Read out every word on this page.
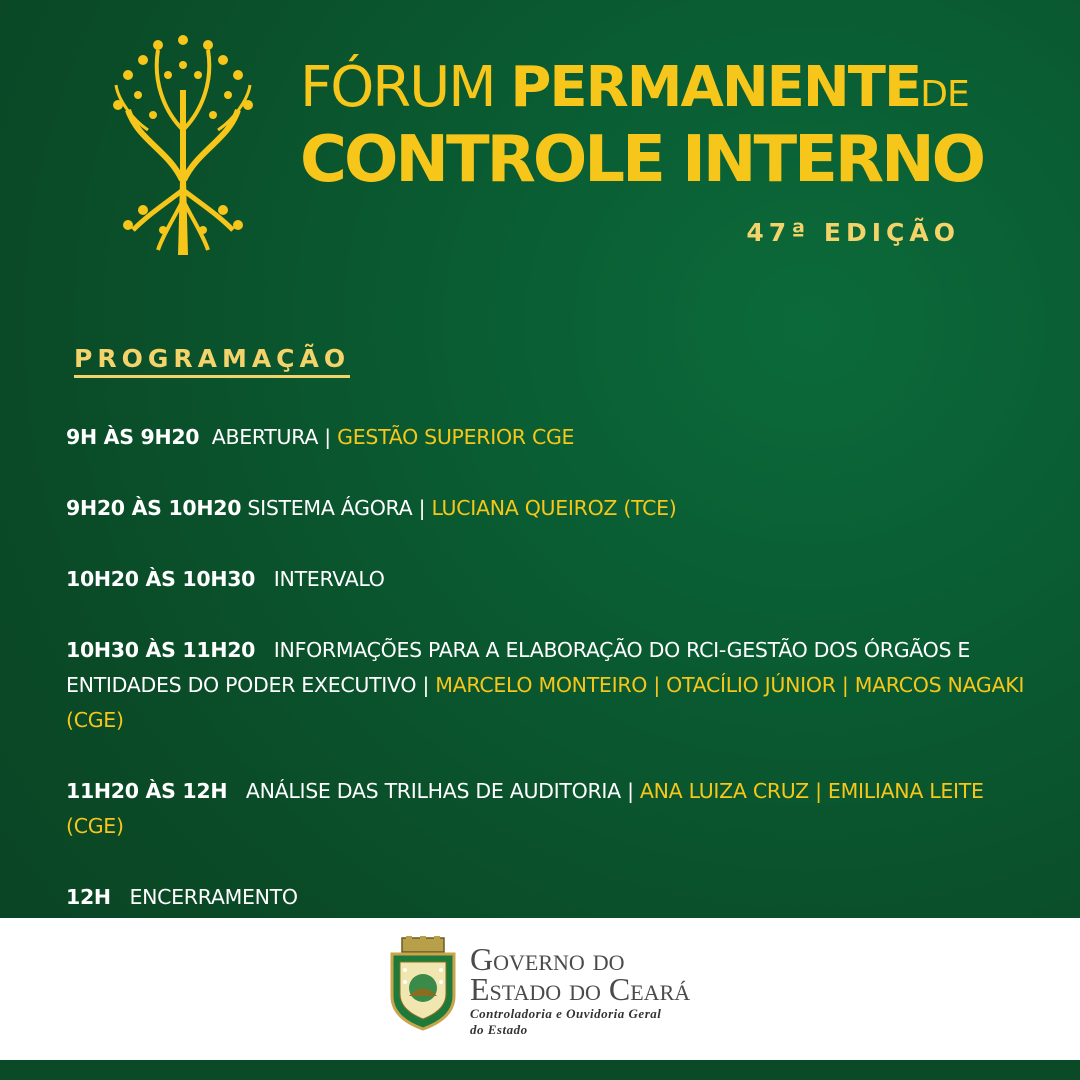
FÓRUM PERMANENTEDE
CONTROLE INTERNO
47ª EDIÇÃO
PROGRAMAÇÃO

9H ÀS 9H20 ABERTURA | GESTÃO SUPERIOR CGE

9H20 ÀS 10H20 SISTEMA ÁGORA | LUCIANA QUEIROZ (TCE)

10H20 ÀS 10H30 INTERVALO

10H30 ÀS 11H20 INFORMAÇÕES PARA A ELABORAÇÃO DO RCI-GESTÃO DOS ÓRGÃOS E ENTIDADES DO PODER EXECUTIVO | MARCELO MONTEIRO | OTACÍLIO JÚNIOR | MARCOS NAGAKI (CGE)

11H20 ÀS 12H ANÁLISE DAS TRILHAS DE AUDITORIA | ANA LUIZA CRUZ | EMILIANA LEITE (CGE)

12H ENCERRAMENTO

Governo do
Estado do Ceará
Controladoria e Ouvidoria Geral
do Estado
